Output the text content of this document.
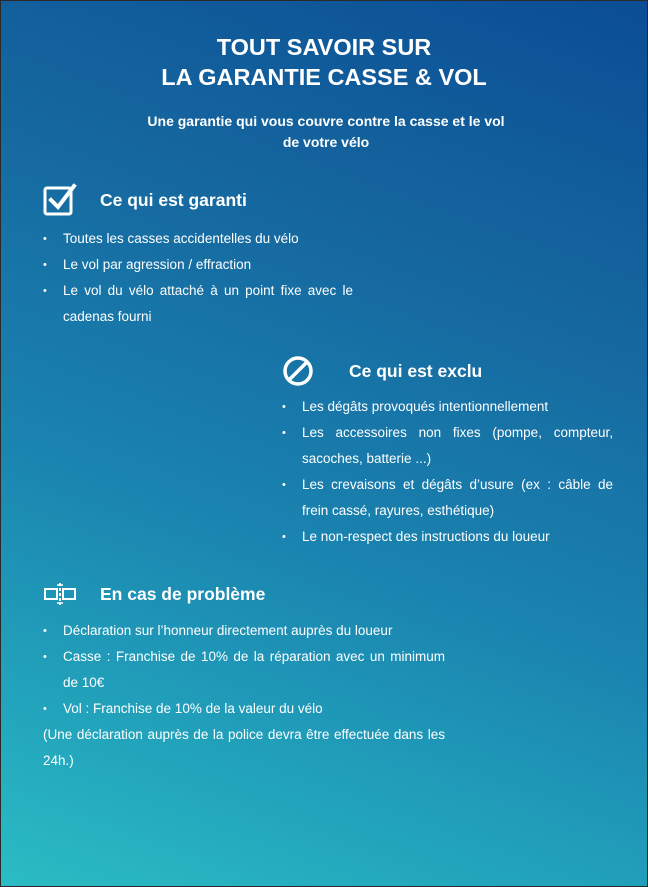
TOUT SAVOIR SUR
LA GARANTIE CASSE & VOL
Une garantie qui vous couvre contre la casse et le vol
de votre vélo
Ce qui est garanti
• Toutes les casses accidentelles du vélo
• Le vol par agression / effraction
• Le vol du vélo attaché à un point fixe avec le cadenas fourni
Ce qui est exclu
• Les dégâts provoqués intentionnellement
• Les accessoires non fixes (pompe, compteur, sacoches, batterie ...)
• Les crevaisons et dégâts d’usure (ex : câble de frein cassé, rayures, esthétique)
• Le non-respect des instructions du loueur
En cas de problème
• Déclaration sur l’honneur directement auprès du loueur
• Casse : Franchise de 10% de la réparation avec un minimum de 10€
• Vol : Franchise de 10% de la valeur du vélo
(Une déclaration auprès de la police devra être effectuée dans les 24h.)
